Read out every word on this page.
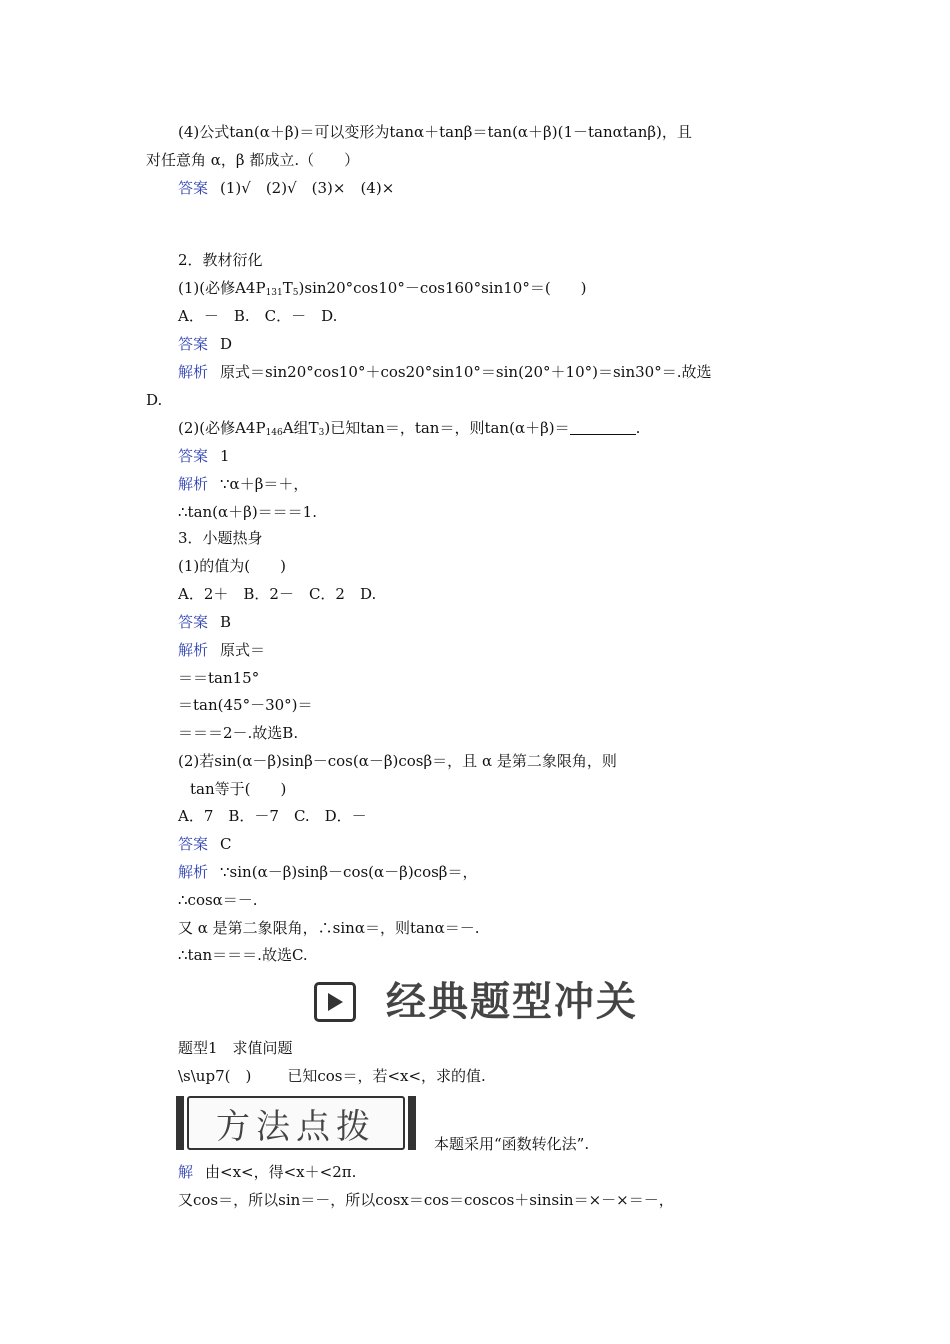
(4)公式tan(α＋β)＝可以变形为tanα＋tanβ＝tan(α＋β)(1－tanαtanβ)，且
对任意角 α，β 都成立.（　　）
答案 (1)√　(2)√　(3)×　(4)×
2．教材衍化
(1)(必修$A4P_{131}T_5)\sin 20^\circ\cos 10^\circ-\cos 160^\circ\sin 10^\circ=$(　　)
A．－　B.　C．－　D.
答案 D
解析 原式＝sin20°cos10°＋cos20°sin10°＝sin(20°＋10°)＝sin30°＝.故选
D.
(2)(必修$A4P_{146}A$组$T_3$)已知tan＝，tan＝，则tan(α＋β)＝	.
答案 1
解析 ∵α＋β＝＋，
∴tan(α＋β)＝＝＝1.
3．小题热身
(1)的值为(　　)
A．2＋　B．2－　C．2　D.
答案 B
解析 原式＝
＝＝tan15°
＝tan(45°－30°)＝
＝＝＝2－.故选B.
(2)若sin(α－β)sinβ－cos(α－β)cosβ＝，且 α 是第二象限角，则
tan等于(　　)
A．7　B．－7　C.　D．－
答案 C
解析 ∵sin(α－β)sinβ－cos(α－β)cosβ＝，
∴cosα＝－.
又 α 是第二象限角，∴sinα＝，则tanα＝－.
∴tan＝＝＝.故选C.
经典题型冲关
题型1　求值问题
\s\up7(　) 已知cos＝，若<x<，求的值.
方法点拨	本题采用“函数转化法”.
解 由<x<，得<x＋<2π.
又cos＝，所以sin＝－，所以cosx＝cos＝coscos＋sinsin＝×－×＝－，
